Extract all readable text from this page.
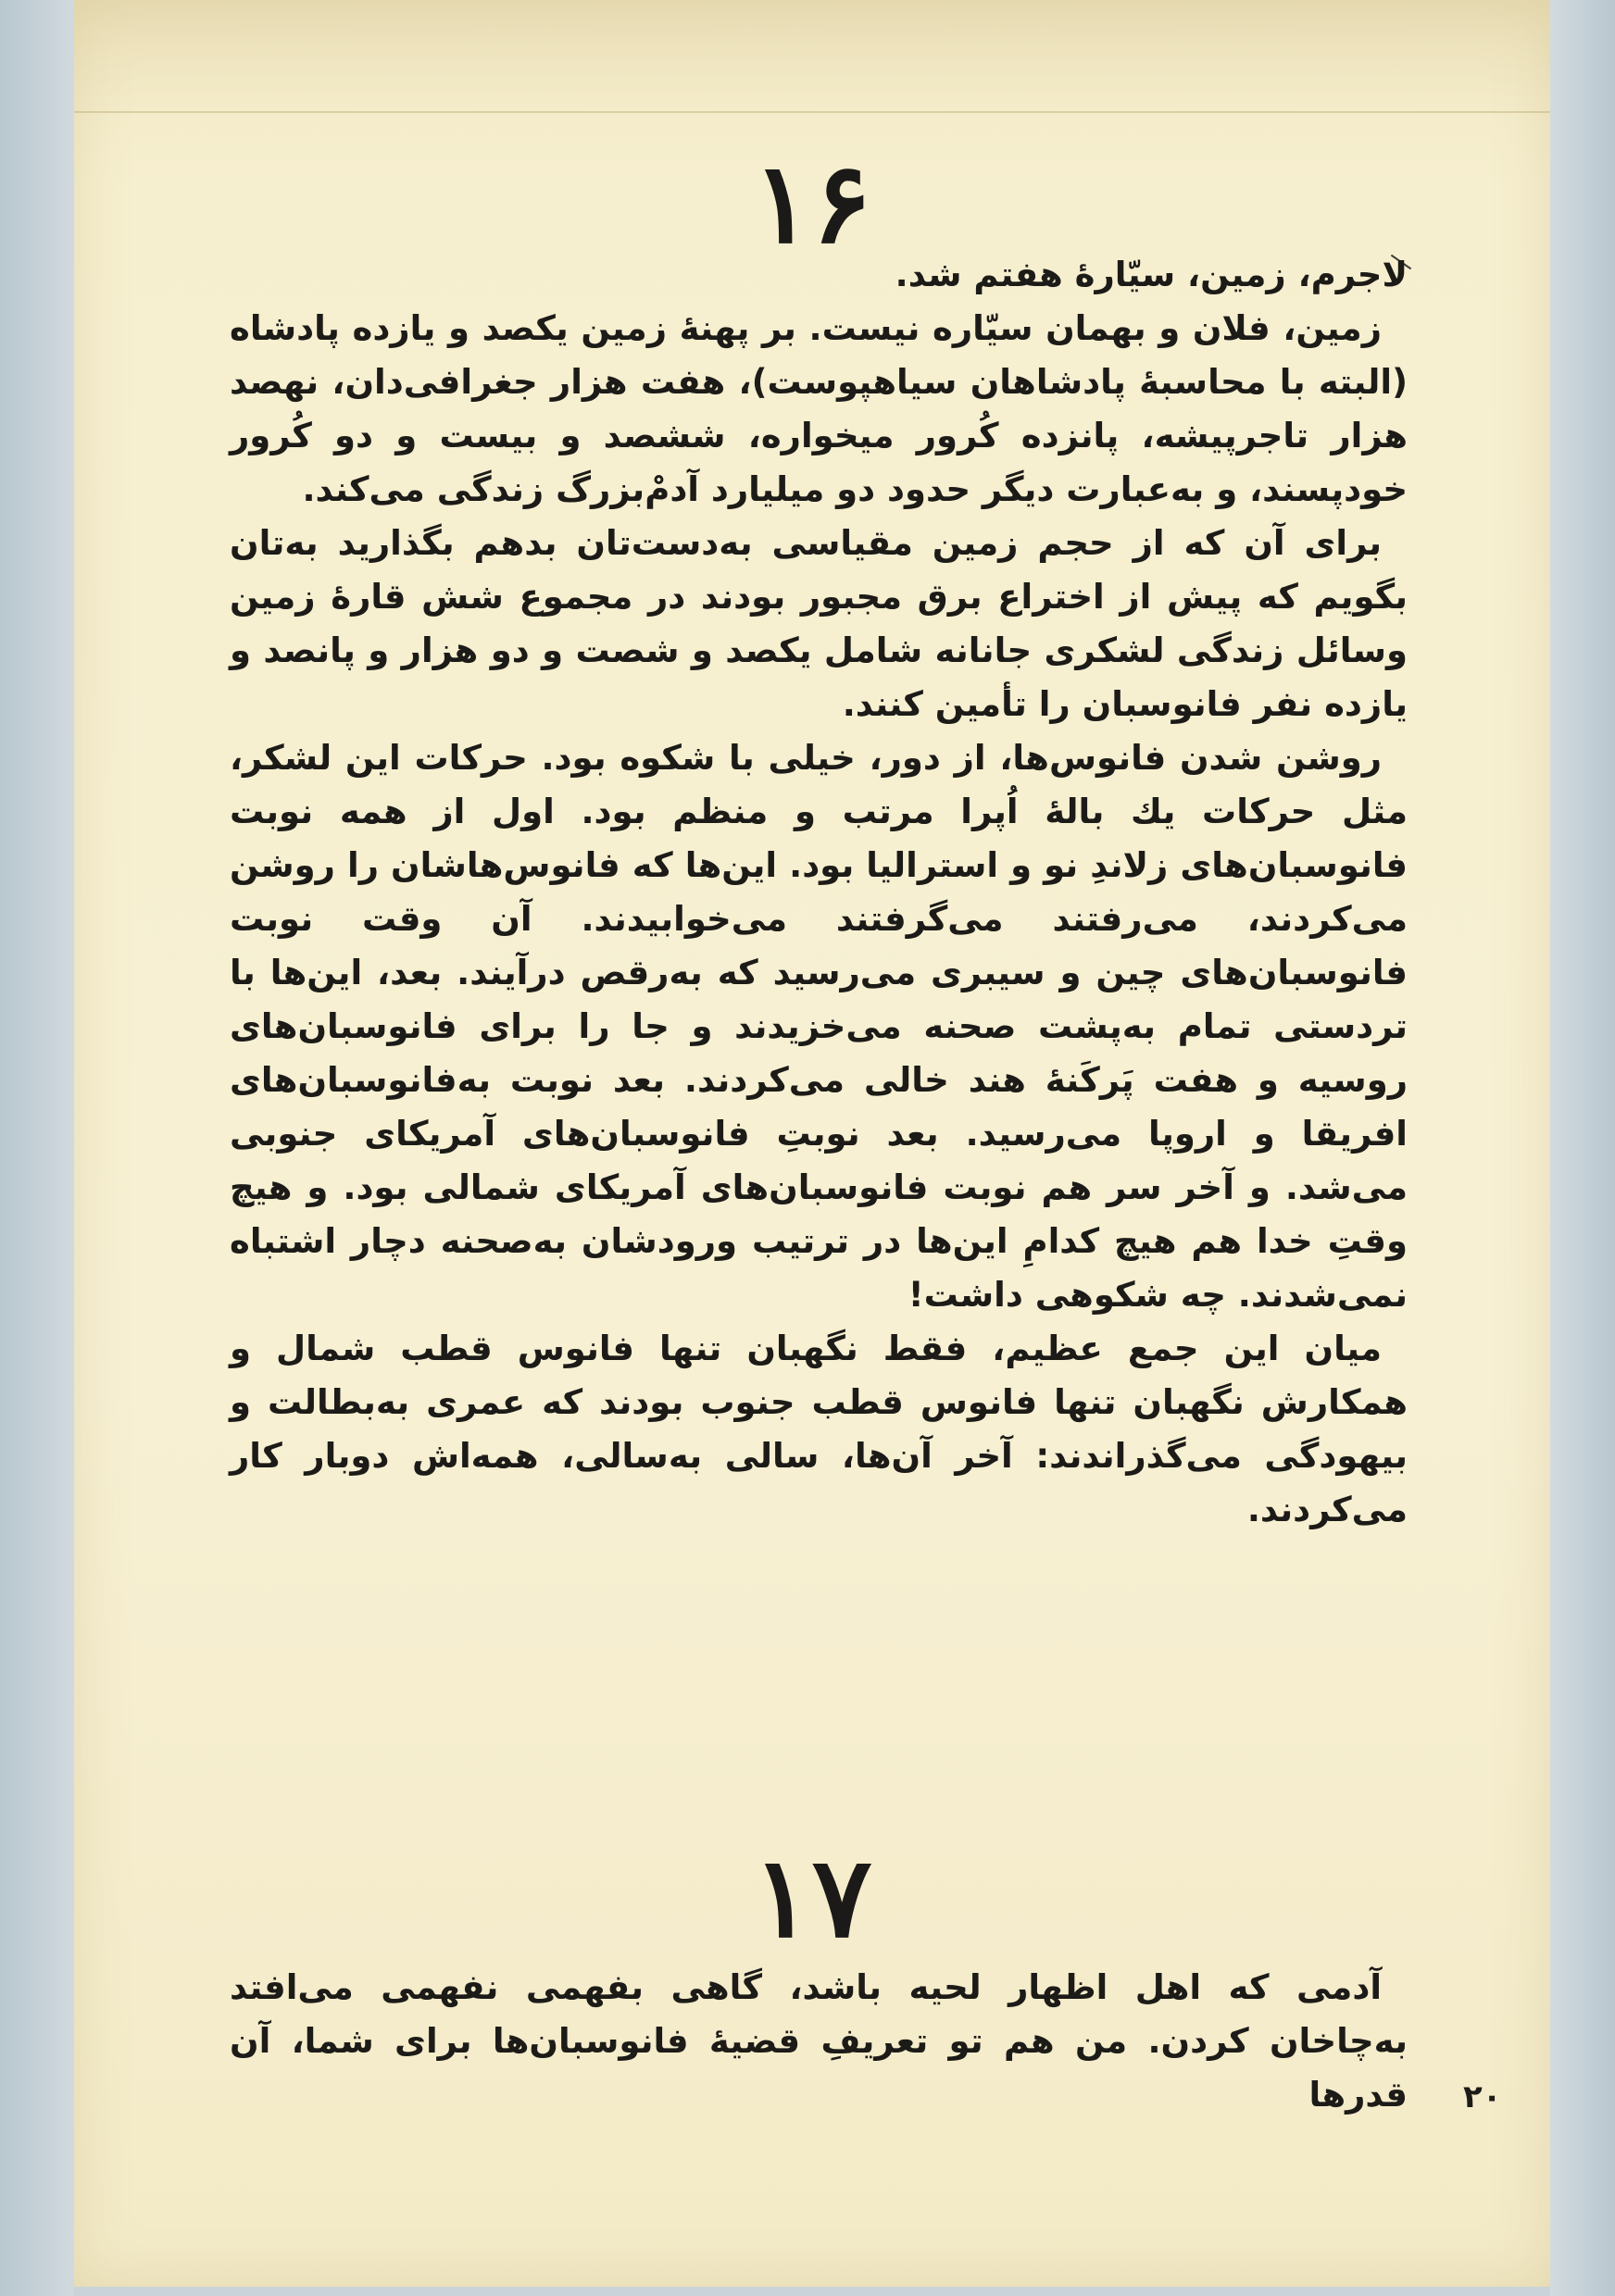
۱۶

لاجرم، زمین، سیّارهٔ هفتم شد.

زمین، فلان و بهمان سیّاره نیست. بر پهنهٔ زمین یکصد و یازده پادشاه (البته با محاسبهٔ پادشاهان سیاهپوست)، هفت هزار جغرافی‌دان، نهصد هزار تاجرپیشه، پانزده کُرور میخواره، ششصد و بیست و دو کُرور خودپسند، و به‌عبارت دیگر حدود دو میلیارد آدمْ‌بزرگ زندگی می‌کند.

برای آن که از حجم زمین مقیاسی به‌دست‌تان بدهم بگذارید به‌تان بگویم که پیش از اختراع برق مجبور بودند در مجموع شش قارهٔ زمین وسائل زندگی لشکری جانانه شامل یکصد و شصت و دو هزار و پانصد و یازده نفر فانوسبان را تأمین کنند.

روشن شدن فانوس‌ها، از دور، خیلی با شکوه بود. حرکات این لشکر، مثل حرکات یك بالهٔ اُپرا مرتب و منظم بود. اول از همه نوبت فانوسبان‌های زلاندِ نو و استرالیا بود. این‌ها که فانوس‌هاشان را روشن می‌کردند، می‌رفتند می‌گرفتند می‌خوابیدند. آن وقت نوبت فانوسبان‌های چین و سیبری می‌رسید که به‌رقص درآیند. بعد، این‌ها با تردستی تمام به‌پشت صحنه می‌خزیدند و جا را برای فانوسبان‌های روسیه و هفت پَرکَنهٔ هند خالی می‌کردند. بعد نوبت به‌فانوسبان‌های افریقا و اروپا می‌رسید. بعد نوبتِ فانوسبان‌های آمریکای جنوبی می‌شد. و آخر سر هم نوبت فانوسبان‌های آمریکای شمالی بود. و هیچ وقتِ خدا هم هیچ کدامِ این‌ها در ترتیب ورودشان به‌صحنه دچار اشتباه نمی‌شدند. چه شکوهی داشت!

میان این جمع عظیم، فقط نگهبان تنها فانوس قطب شمال و همکارش نگهبان تنها فانوس قطب جنوب بودند که عمری به‌بطالت و بیهودگی می‌گذراندند: آخر آن‌ها، سالی به‌سالی، همه‌اش دوبار کار می‌کردند.

۱۷

آدمی که اهل اظهار لحیه باشد، گاهی بفهمی نفهمی می‌افتد به‌چاخان کردن. من هم تو تعریفِ قضیهٔ فانوسبان‌ها برای شما، آن قدرها ۲۰
